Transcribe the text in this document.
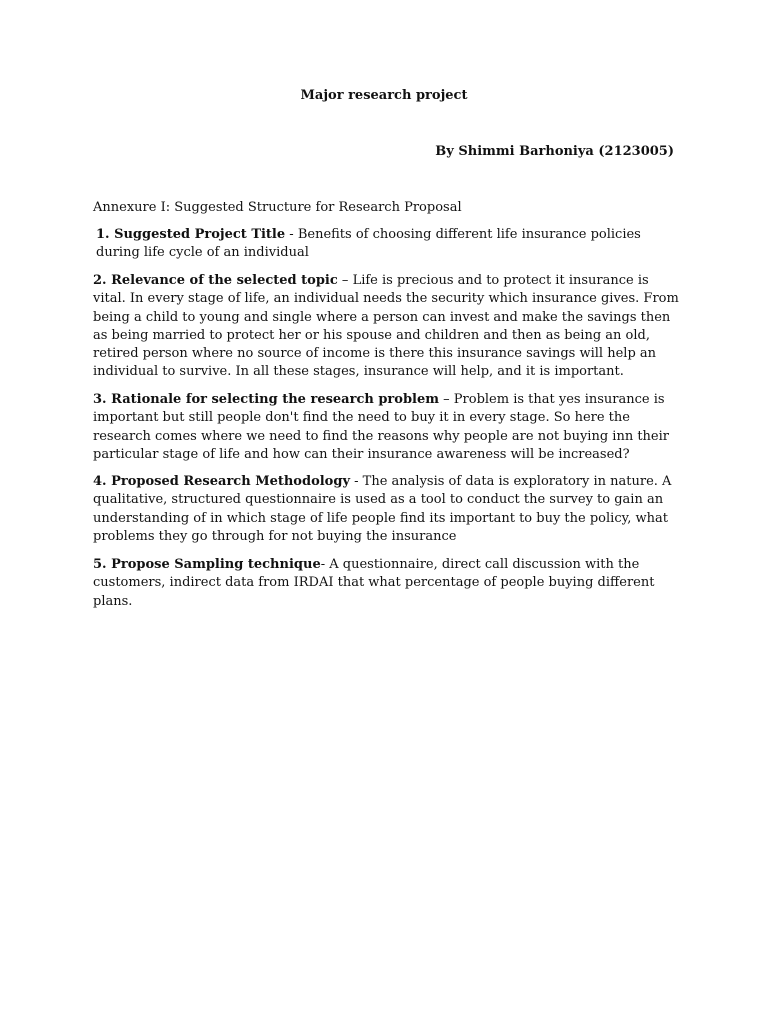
Major research project
By Shimmi Barhoniya (2123005)
Annexure I: Suggested Structure for Research Proposal

1. Suggested Project Title - Benefits of choosing different life insurance policies during life cycle of an individual

2. Relevance of the selected topic – Life is precious and to protect it insurance is vital. In every stage of life, an individual needs the security which insurance gives. From being a child to young and single where a person can invest and make the savings then as being married to protect her or his spouse and children and then as being an old, retired person where no source of income is there this insurance savings will help an individual to survive. In all these stages, insurance will help, and it is important.

3. Rationale for selecting the research problem – Problem is that yes insurance is important but still people don't find the need to buy it in every stage. So here the research comes where we need to find the reasons why people are not buying inn their particular stage of life and how can their insurance awareness will be increased?

4. Proposed Research Methodology - The analysis of data is exploratory in nature. A qualitative, structured questionnaire is used as a tool to conduct the survey to gain an understanding of in which stage of life people find its important to buy the policy, what problems they go through for not buying the insurance

5. Propose Sampling technique- A questionnaire, direct call discussion with the customers, indirect data from IRDAI that what percentage of people buying different plans.
